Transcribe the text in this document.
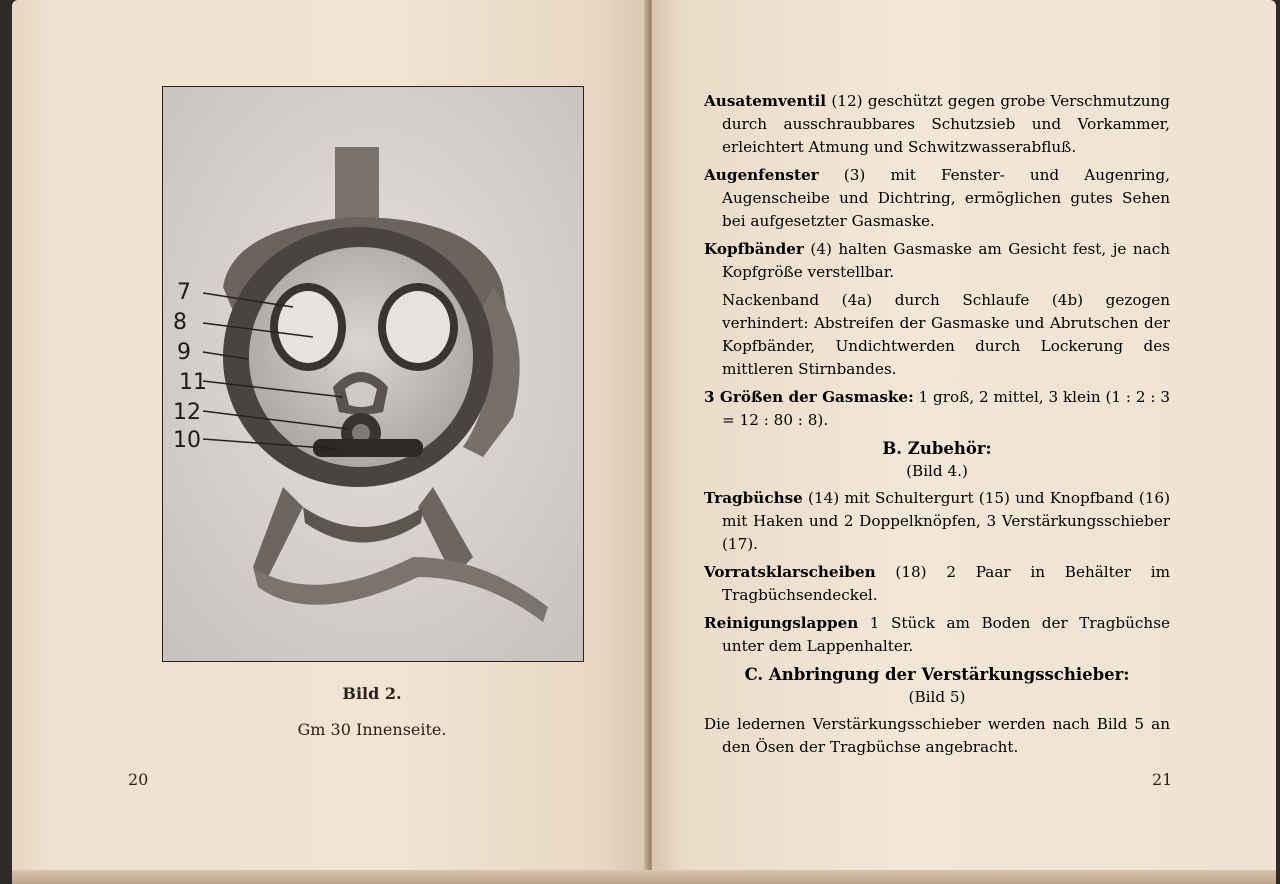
7
8
9
11
12
10
Bild 2.
Gm 30 Innenseite.
20	21

Ausatemventil (12) geschützt gegen grobe Verschmutzung durch ausschraubbares Schutzsieb und Vorkammer, erleichtert Atmung und Schwitzwasserabfluß.

Augenfenster (3) mit Fenster- und Augenring, Augenscheibe und Dichtring, ermöglichen gutes Sehen bei aufgesetzter Gasmaske.

Kopfbänder (4) halten Gasmaske am Gesicht fest, je nach Kopfgröße verstellbar.

Nackenband (4a) durch Schlaufe (4b) gezogen verhindert: Abstreifen der Gasmaske und Abrutschen der Kopfbänder, Undichtwerden durch Lockerung des mittleren Stirnbandes.

3 Größen der Gasmaske: 1 groß, 2 mittel, 3 klein (1 : 2 : 3 = 12 : 80 : 8).

B. Zubehör:
(Bild 4.)

Tragbüchse (14) mit Schultergurt (15) und Knopfband (16) mit Haken und 2 Doppelknöpfen, 3 Verstärkungsschieber (17).

Vorratsklarscheiben (18) 2 Paar in Behälter im Tragbüchsendeckel.

Reinigungslappen 1 Stück am Boden der Tragbüchse unter dem Lappenhalter.

C. Anbringung der Verstärkungsschieber:
(Bild 5)

Die ledernen Verstärkungsschieber werden nach Bild 5 an den Ösen der Tragbüchse angebracht.
